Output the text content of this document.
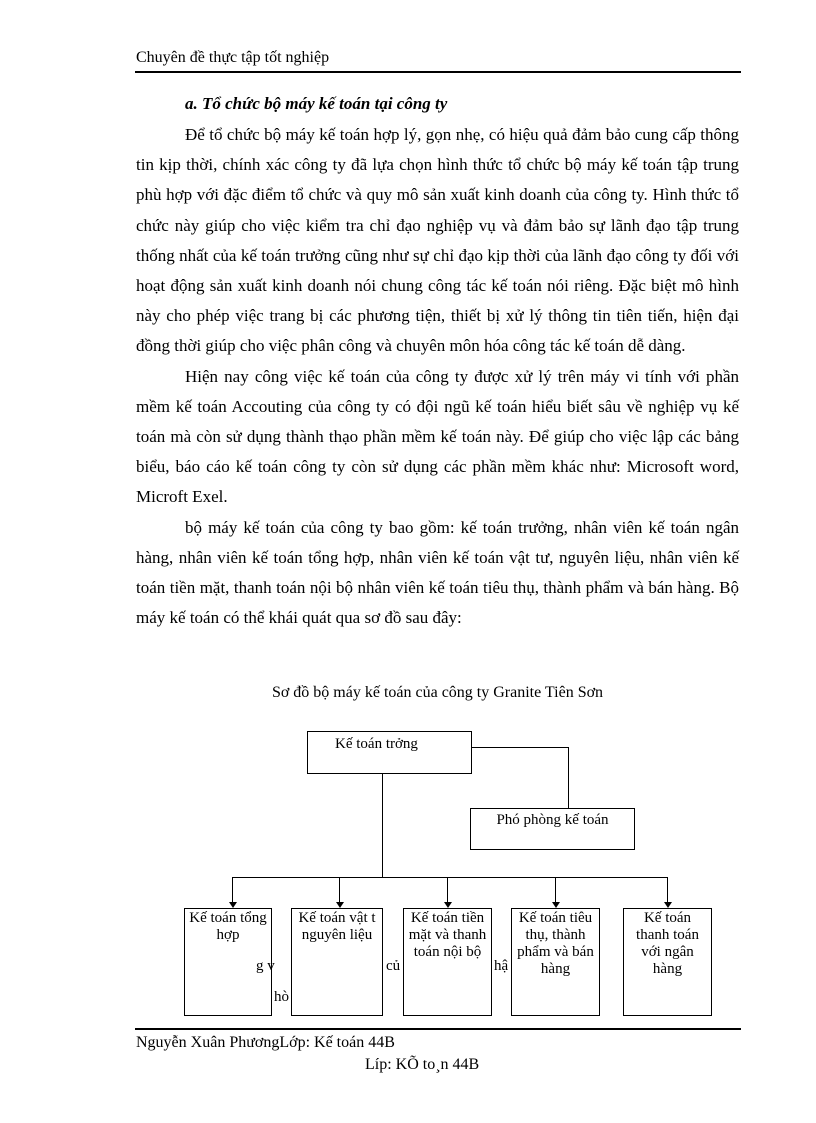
Chuyên đề thực tập tốt nghiệp
a. Tổ chức bộ máy kế toán tại công ty

Để tổ chức bộ máy kế toán hợp lý, gọn nhẹ, có hiệu quả đảm bảo cung cấp thông tin kịp thời, chính xác công ty đã lựa chọn hình thức tổ chức bộ máy kế toán tập trung phù hợp với đặc điểm tổ chức và quy mô sản xuất kinh doanh của công ty. Hình thức tổ chức này giúp cho việc kiểm tra chỉ đạo nghiệp vụ và đảm bảo sự lãnh đạo tập trung thống nhất của kế toán trưởng cũng như sự chỉ đạo kịp thời của lãnh đạo công ty đối với hoạt động sản xuất kinh doanh nói chung công tác kế toán nói riêng. Đặc biệt mô hình này cho phép việc trang bị các phương tiện, thiết bị xử lý thông tin tiên tiến, hiện đại đồng thời giúp cho việc phân công và chuyên môn hóa công tác kế toán dễ dàng.

Hiện nay công việc kế toán của công ty được xử lý trên máy vi tính với phần mềm kế toán Accouting của công ty có đội ngũ kế toán hiểu biết sâu về nghiệp vụ kế toán mà còn sử dụng thành thạo phần mềm kế toán này. Để giúp cho việc lập các bảng biểu, báo cáo kế toán công ty còn sử dụng các phần mềm khác như: Microsoft word, Microft Exel.

bộ máy kế toán của công ty bao gồm: kế toán trưởng, nhân viên kế toán ngân hàng, nhân viên kế toán tổng hợp, nhân viên kế toán vật tư, nguyên liệu, nhân viên kế toán tiền mặt, thanh toán nội bộ nhân viên kế toán tiêu thụ, thành phẩm và bán hàng. Bộ máy kế toán có thể khái quát qua sơ đồ sau đây:

Sơ đồ bộ máy kế toán của công ty Granite Tiên Sơn
Kế toán trởng
Phó phòng kế toán
Kế toán tổng hợp
Kế toán vật t nguyên liệu
Kế toán tiền mặt và thanh toán nội bộ
Kế toán tiêu thụ, thành phẩm và bán hàng
Kế toán thanh toán với ngân hàng
g v
hò
củ	hậ
Nguyễn Xuân PhươngLớp: Kế toán 44B
Líp: KÕ to¸n 44B
